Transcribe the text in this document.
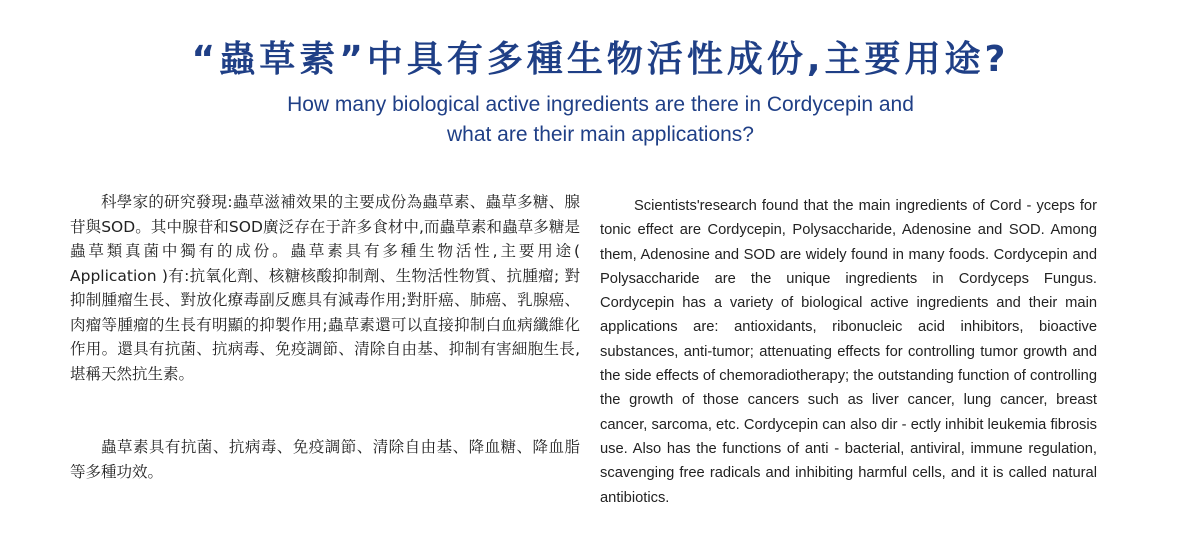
“蟲草素”中具有多種生物活性成份,主要用途?
How many biological active ingredients are there in Cordycepin and
what are their main applications?

科學家的研究發現:蟲草滋補效果的主要成份為蟲草素、蟲草多糖、腺苷與SOD。其中腺苷和SOD廣泛存在于許多食材中,而蟲草素和蟲草多糖是蟲草類真菌中獨有的成份。蟲草素具有多種生物活性,主要用途( Application )有:抗氧化劑、核糖核酸抑制劑、生物活性物質、抗腫瘤; 對抑制腫瘤生長、對放化療毒副反應具有減毒作用;對肝癌、肺癌、乳腺癌、肉瘤等腫瘤的生長有明顯的抑製作用;蟲草素還可以直接抑制白血病纖維化作用。還具有抗菌、抗病毒、免疫調節、清除自由基、抑制有害細胞生長,堪稱天然抗生素。

蟲草素具有抗菌、抗病毒、免疫調節、清除自由基、降血糖、降血脂等多種功效。

Scientists'research found that the main ingredients of Cord - yceps for tonic effect are Cordycepin, Polysaccharide, Adenosine and SOD. Among them, Adenosine and SOD are widely found in many foods. Cordycepin and Polysaccharide are the unique ingredients in Cordyceps Fungus. Cordycepin has a variety of biological active ingredients and their main applications are: antioxidants, ribonucleic acid inhibitors, bioactive substances, anti-tumor; attenuating effects for controlling tumor growth and the side effects of chemoradiotherapy; the outstanding function of controlling the growth of those cancers such as liver cancer, lung cancer, breast cancer, sarcoma, etc. Cordycepin can also dir - ectly inhibit leukemia fibrosis use. Also has the functions of anti - bacterial, antiviral, immune regulation, scavenging free radicals and inhibiting harmful cells, and it is called natural antibiotics.
